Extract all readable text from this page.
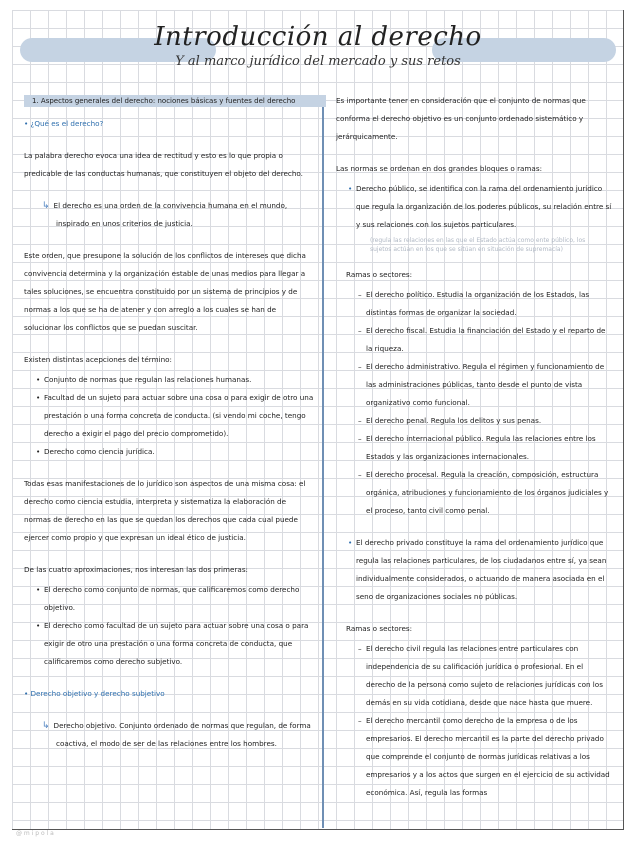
Introducción al derecho
Y al marco jurídico del mercado y sus retos
1. Aspectos generales del derecho: nociones básicas y fuentes del derecho

• ¿Qué es el derecho?

La palabra derecho evoca una idea de rectitud y esto es lo que propia o predicable de las conductas humanas, que constituyen el objeto del derecho.

↳ El derecho es una orden de la convivencia humana en el mundo, inspirado en unos criterios de justicia.

Este orden, que presupone la solución de los conflictos de intereses que dicha convivencia determina y la organización estable de unas medios para llegar a tales soluciones, se encuentra constituido por un sistema de principios y de normas a los que se ha de atener y con arreglo a los cuales se han de solucionar los conflictos que se puedan suscitar.

Existen distintas acepciones del término:

• Conjunto de normas que regulan las relaciones humanas.
• Facultad de un sujeto para actuar sobre una cosa o para exigir de otro una prestación o una forma concreta de conducta. (si vendo mi coche, tengo derecho a exigir el pago del precio comprometido).
• Derecho como ciencia jurídica.

Todas esas manifestaciones de lo jurídico son aspectos de una misma cosa: el derecho como ciencia estudia, interpreta y sistematiza la elaboración de normas de derecho en las que se quedan los derechos que cada cual puede ejercer como propio y que expresan un ideal ético de justicia.

De las cuatro aproximaciones, nos interesan las dos primeras:

• El derecho como conjunto de normas, que calificaremos como derecho objetivo.
• El derecho como facultad de un sujeto para actuar sobre una cosa o para exigir de otro una prestación o una forma concreta de conducta, que calificaremos como derecho subjetivo.

• Derecho objetivo y derecho subjetivo

↳ Derecho objetivo. Conjunto ordenado de normas que regulan, de forma coactiva, el modo de ser de las relaciones entre los hombres.

Es importante tener en consideración que el conjunto de normas que conforma el derecho objetivo es un conjunto ordenado sistemático y jerárquicamente.

Las normas se ordenan en dos grandes bloques o ramas:

• Derecho público, se identifica con la rama del ordenamiento jurídico que regula la organización de los poderes públicos, su relación entre sí y sus relaciones con los sujetos particulares.
(regula las relaciones en las que el Estado actúa como ente público, los sujetos actúan en los que se sitúan en situación de supremacía)

Ramas o sectores:

– El derecho político. Estudia la organización de los Estados, las distintas formas de organizar la sociedad.
– El derecho fiscal. Estudia la financiación del Estado y el reparto de la riqueza.
– El derecho administrativo. Regula el régimen y funcionamiento de las administraciones públicas, tanto desde el punto de vista organizativo como funcional.
– El derecho penal. Regula los delitos y sus penas.
– El derecho internacional público. Regula las relaciones entre los Estados y las organizaciones internacionales.
– El derecho procesal. Regula la creación, composición, estructura orgánica, atribuciones y funcionamiento de los órganos judiciales y el proceso, tanto civil como penal.
• El derecho privado constituye la rama del ordenamiento jurídico que regula las relaciones particulares, de los ciudadanos entre sí, ya sean individualmente considerados, o actuando de manera asociada en el seno de organizaciones sociales no públicas.

Ramas o sectores:

– El derecho civil regula las relaciones entre particulares con independencia de su calificación jurídica o profesional. En el derecho de la persona como sujeto de relaciones jurídicas con los demás en su vida cotidiana, desde que nace hasta que muere.
– El derecho mercantil como derecho de la empresa o de los empresarios. El derecho mercantil es la parte del derecho privado que comprende el conjunto de normas jurídicas relativas a los empresarios y a los actos que surgen en el ejercicio de su actividad económica. Así, regula las formas
@ m i p o l a
